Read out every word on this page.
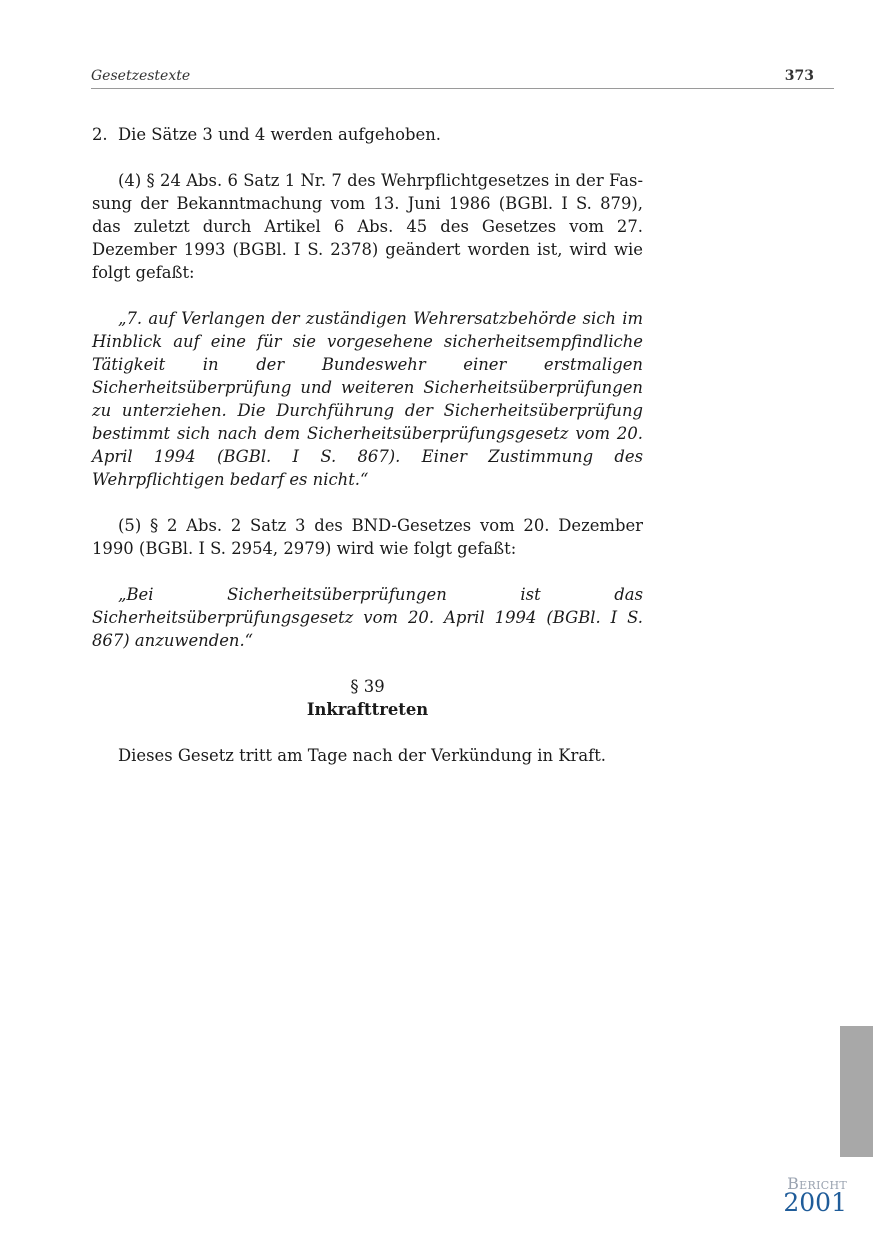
Gesetzestexte	373

2. Die Sätze 3 und 4 werden aufgehoben.

(4) § 24 Abs. 6 Satz 1 Nr. 7 des Wehrpflichtgesetzes in der Fassung der Bekanntmachung vom 13. Juni 1986 (BGBl. I S. 879), das zuletzt durch Artikel 6 Abs. 45 des Gesetzes vom 27. Dezember 1993 (BGBl. I S. 2378) geändert worden ist, wird wie folgt gefaßt:

„7. auf Verlangen der zuständigen Wehrersatzbehörde sich im Hinblick auf eine für sie vorgesehene sicherheitsempfindliche Tätigkeit in der Bundeswehr einer erstmaligen Sicherheitsüberprüfung und weiteren Sicherheitsüberprüfungen zu unterziehen. Die Durchführung der Sicherheitsüberprüfung bestimmt sich nach dem Sicherheitsüberprüfungsgesetz vom 20. April 1994 (BGBl. I S. 867). Einer Zustimmung des Wehrpflichtigen bedarf es nicht.“

(5) § 2 Abs. 2 Satz 3 des BND-Gesetzes vom 20. Dezember 1990 (BGBl. I S. 2954, 2979) wird wie folgt gefaßt:

„Bei Sicherheitsüberprüfungen ist das Sicherheitsüberprüfungsgesetz vom 20. April 1994 (BGBl. I S. 867) anzuwenden.“

§ 39
Inkrafttreten

Dieses Gesetz tritt am Tage nach der Verkündung in Kraft.

Bericht
2001
